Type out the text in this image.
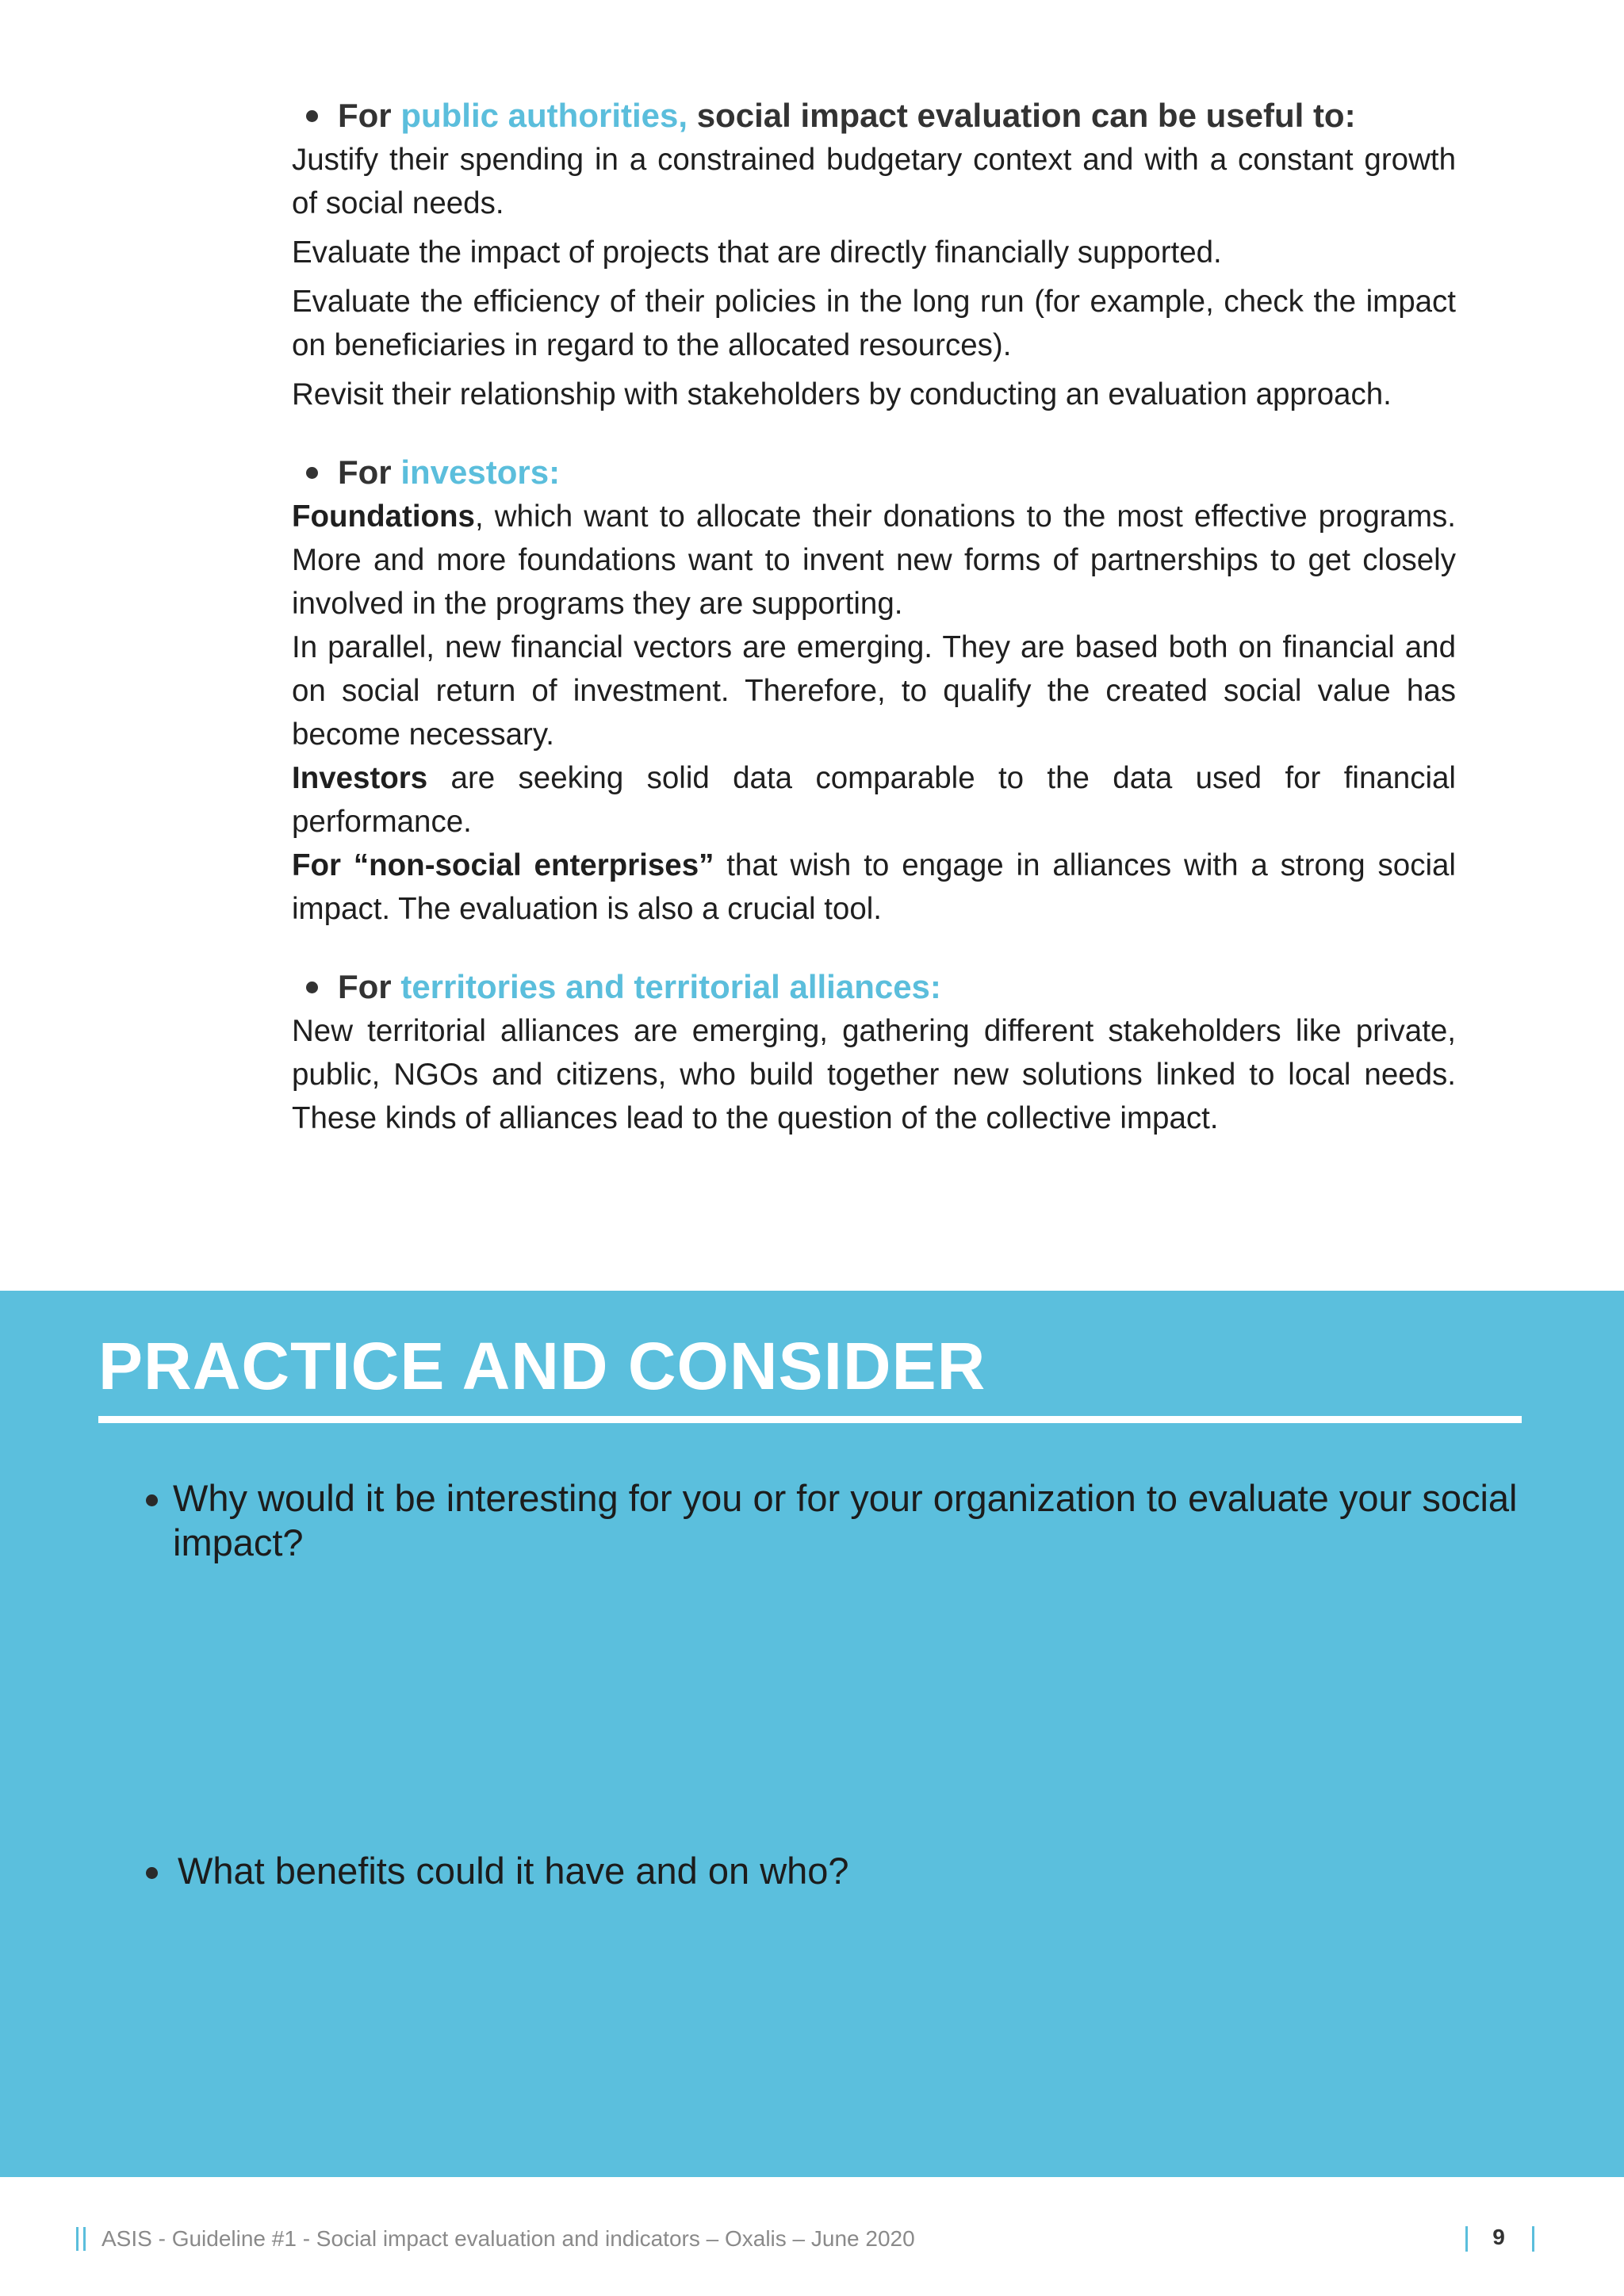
For public authorities, social impact evaluation can be useful to:

Justify their spending in a constrained budgetary context and with a constant growth of social needs.

Evaluate the impact of projects that are directly financially supported.

Evaluate the efficiency of their policies in the long run (for example, check the impact on beneficiaries in regard to the allocated resources).

Revisit their relationship with stakeholders by conducting an evaluation approach.

For investors:

Foundations, which want to allocate their donations to the most effective programs. More and more foundations want to invent new forms of partnerships to get closely involved in the programs they are supporting.

In parallel, new financial vectors are emerging. They are based both on financial and on social return of investment. Therefore, to qualify the created social value has become necessary.

Investors are seeking solid data comparable to the data used for financial performance.

For “non-social enterprises” that wish to engage in alliances with a strong social impact. The evaluation is also a crucial tool.

For territories and territorial alliances:

New territorial alliances are emerging, gathering different stakeholders like private, public, NGOs and citizens, who build together new solutions linked to local needs. These kinds of alliances lead to the question of the collective impact.

PRACTICE AND CONSIDER

Why would it be interesting for you or for your organization to evaluate your social impact?

What benefits could it have and on who?

ASIS - Guideline #1 - Social impact evaluation and indicators – Oxalis – June 2020	9
